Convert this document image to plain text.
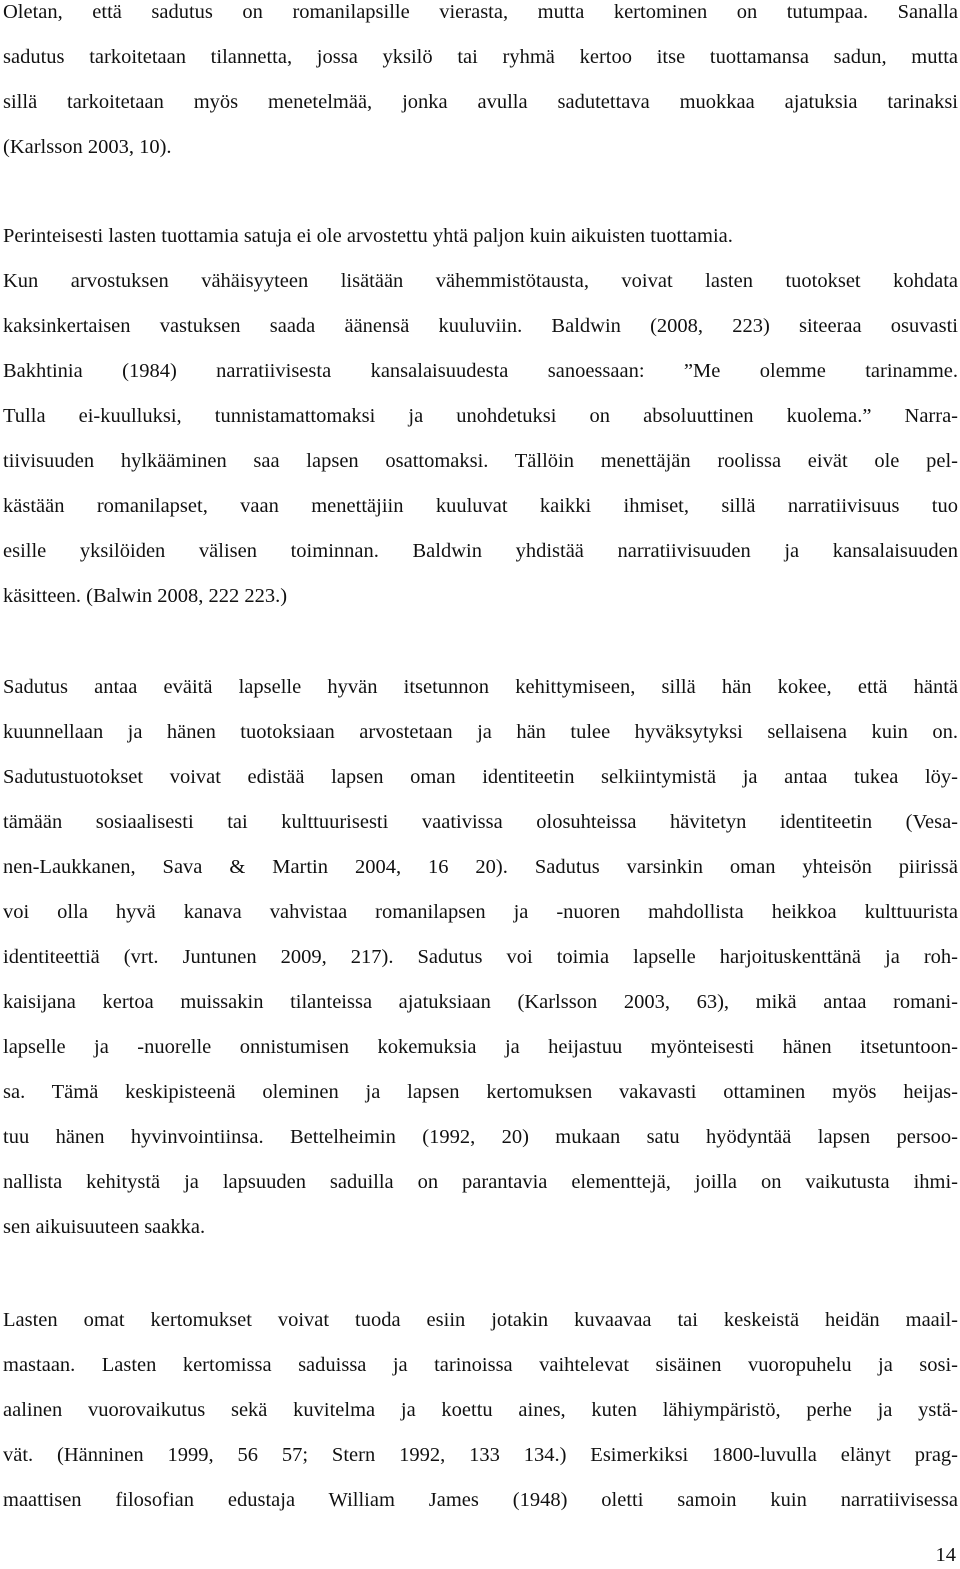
Oletan, että sadutus on romanilapsille vierasta, mutta kertominen on tutumpaa. Sanalla
sadutus tarkoitetaan tilannetta, jossa yksilö tai ryhmä kertoo itse tuottamansa sadun, mutta
sillä tarkoitetaan myös menetelmää, jonka avulla sadutettava muokkaa ajatuksia tarinaksi
(Karlsson 2003, 10).
Perinteisesti lasten tuottamia satuja ei ole arvostettu yhtä paljon kuin aikuisten tuottamia.
Kun arvostuksen vähäisyyteen lisätään vähemmistötausta, voivat lasten tuotokset kohdata
kaksinkertaisen vastuksen saada äänensä kuuluviin. Baldwin (2008, 223) siteeraa osuvasti
Bakhtinia (1984) narratiivisesta kansalaisuudesta sanoessaan: ”Me olemme tarinamme.
Tulla ei-kuulluksi, tunnistamattomaksi ja unohdetuksi on absoluuttinen kuolema.” Narra-
tiivisuuden hylkääminen saa lapsen osattomaksi. Tällöin menettäjän roolissa eivät ole pel-
kästään romanilapset, vaan menettäjiin kuuluvat kaikki ihmiset, sillä narratiivisuus tuo
esille yksilöiden välisen toiminnan. Baldwin yhdistää narratiivisuuden ja kansalaisuuden
käsitteen. (Balwin 2008, 222 223.)
Sadutus antaa eväitä lapselle hyvän itsetunnon kehittymiseen, sillä hän kokee, että häntä
kuunnellaan ja hänen tuotoksiaan arvostetaan ja hän tulee hyväksytyksi sellaisena kuin on.
Sadutustuotokset voivat edistää lapsen oman identiteetin selkiintymistä ja antaa tukea löy-
tämään sosiaalisesti tai kulttuurisesti vaativissa olosuhteissa hävitetyn identiteetin (Vesa-
nen-Laukkanen, Sava & Martin 2004, 16 20). Sadutus varsinkin oman yhteisön piirissä
voi olla hyvä kanava vahvistaa romanilapsen ja -nuoren mahdollista heikkoa kulttuurista
identiteettiä (vrt. Juntunen 2009, 217). Sadutus voi toimia lapselle harjoituskenttänä ja roh-
kaisijana kertoa muissakin tilanteissa ajatuksiaan (Karlsson 2003, 63), mikä antaa romani-
lapselle ja -nuorelle onnistumisen kokemuksia ja heijastuu myönteisesti hänen itsetuntoon-
sa. Tämä keskipisteenä oleminen ja lapsen kertomuksen vakavasti ottaminen myös heijas-
tuu hänen hyvinvointiinsa. Bettelheimin (1992, 20) mukaan satu hyödyntää lapsen persoo-
nallista kehitystä ja lapsuuden saduilla on parantavia elementtejä, joilla on vaikutusta ihmi-
sen aikuisuuteen saakka.
Lasten omat kertomukset voivat tuoda esiin jotakin kuvaavaa tai keskeistä heidän maail-
mastaan. Lasten kertomissa saduissa ja tarinoissa vaihtelevat sisäinen vuoropuhelu ja sosi-
aalinen vuorovaikutus sekä kuvitelma ja koettu aines, kuten lähiympäristö, perhe ja ystä-
vät. (Hänninen 1999, 56 57; Stern 1992, 133 134.) Esimerkiksi 1800-luvulla elänyt prag-
maattisen filosofian edustaja William James (1948) oletti samoin kuin narratiivisessa
14
